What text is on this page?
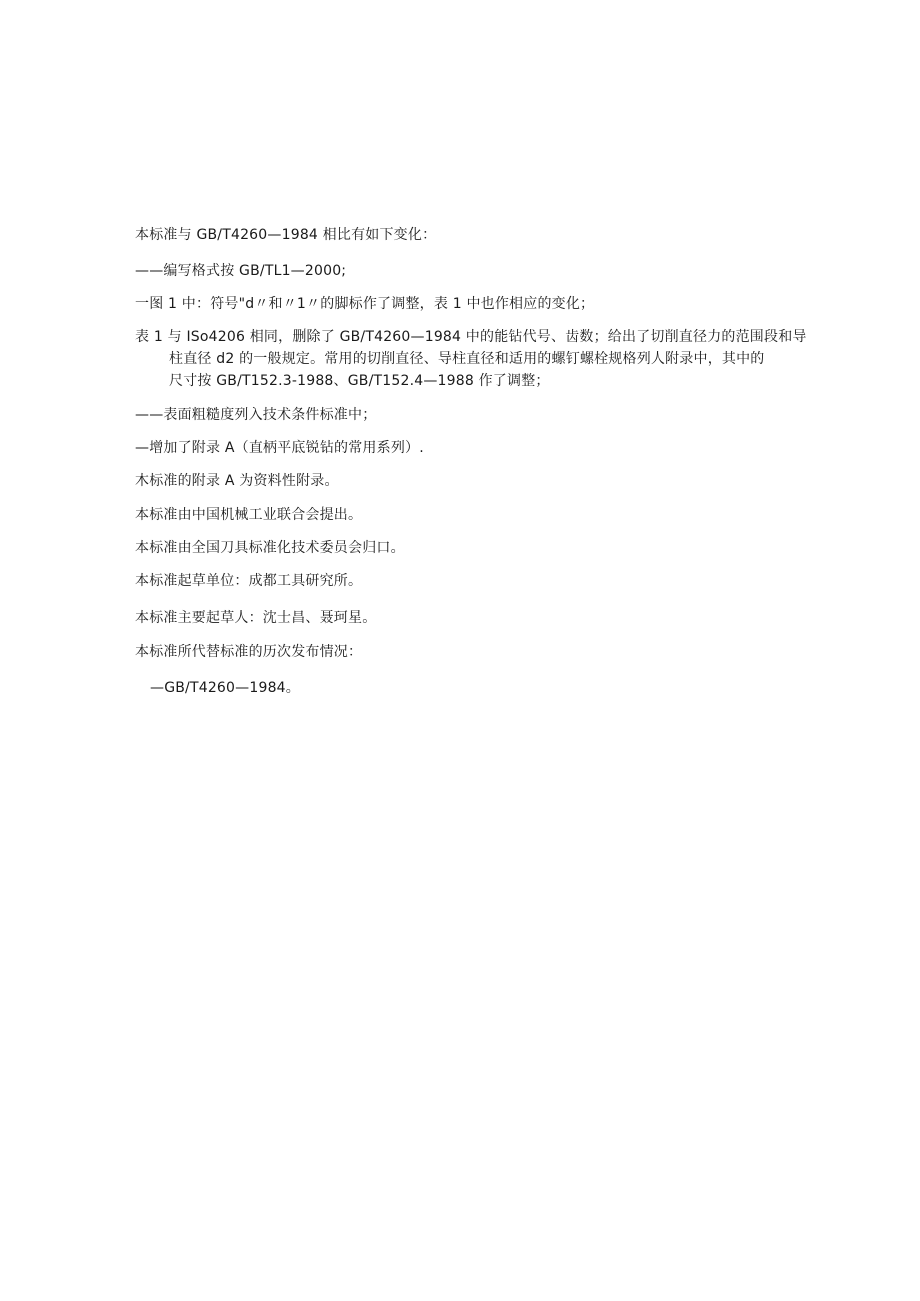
本标准与 GB/T4260—1984 相比有如下变化：
——编写格式按 GB/TL1—2000;
一图 1 中：符号"d〃和〃1〃的脚标作了调整，表 1 中也作相应的变化；
表 1 与 ISo4206 相同，删除了 GB/T4260—1984 中的能钻代号、齿数；给出了切削直径力的范围段和导
柱直径 d2 的一般规定。常用的切削直径、导柱直径和适用的螺钉螺栓规格列人附录中，其中的
尺寸按 GB/T152.3-1988、GB/T152.4—1988 作了调整；
——表面粗糙度列入技术条件标准中；
—增加了附录 A（直柄平底锐钻的常用系列）.
木标准的附录 A 为资料性附录。
本标准由中国机械工业联合会提出。
本标准由全国刀具标准化技术委员会归口。
本标准起草单位：成都工具研究所。
本标准主要起草人：沈士昌、聂珂星。
本标准所代替标准的历次发布情况：
—GB/T4260—1984。
